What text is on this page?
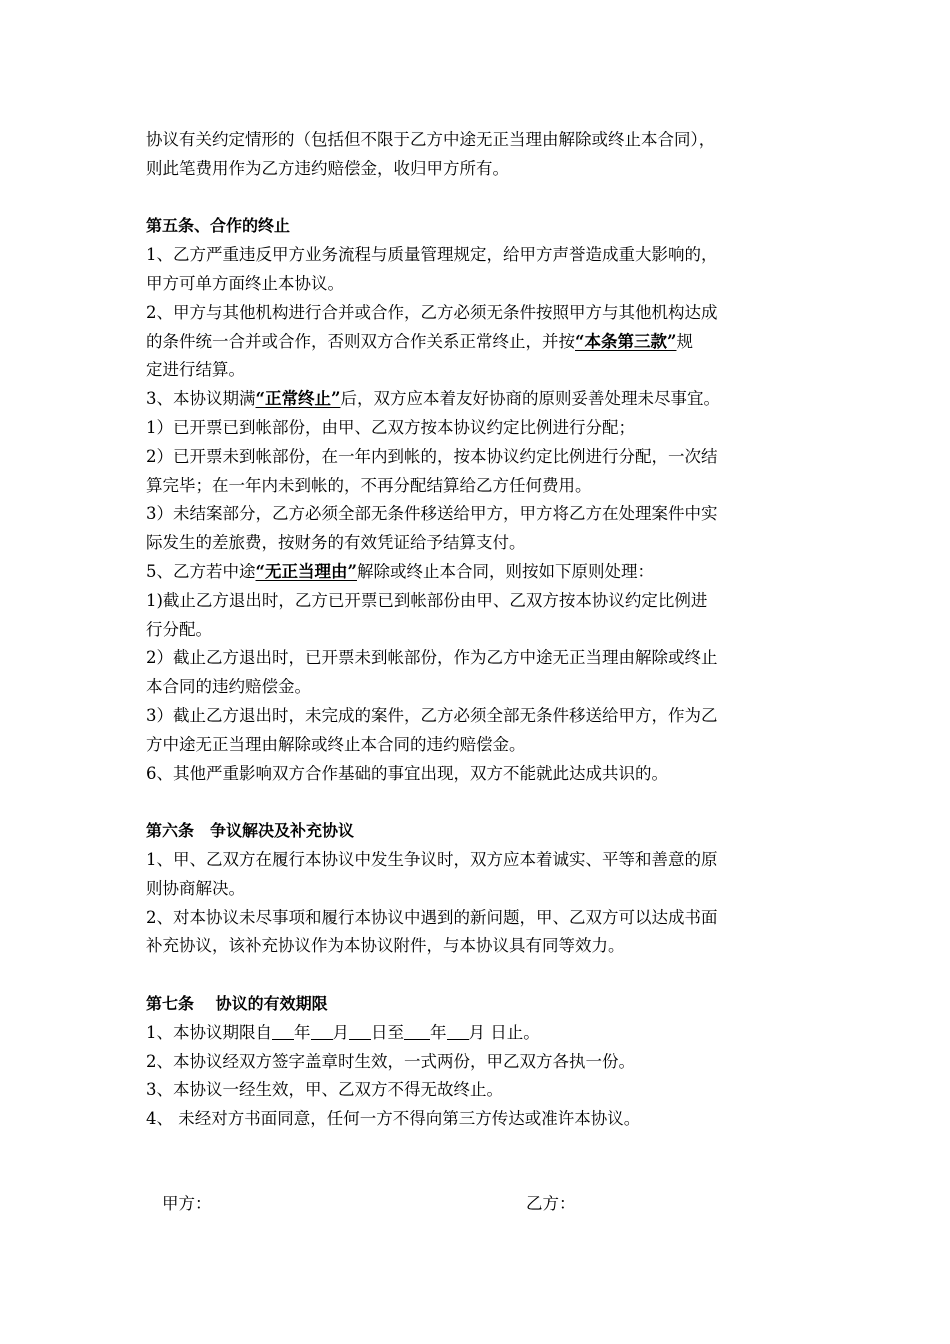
协议有关约定情形的（包括但不限于乙方中途无正当理由解除或终止本合同），
则此笔费用作为乙方违约赔偿金，收归甲方所有。
第五条、合作的终止
1、乙方严重违反甲方业务流程与质量管理规定，给甲方声誉造成重大影响的，
甲方可单方面终止本协议。
2、甲方与其他机构进行合并或合作，乙方必须无条件按照甲方与其他机构达成
的条件统一合并或合作，否则双方合作关系正常终止，并按“本条第三款”规
定进行结算。
3、本协议期满“正常终止”后，双方应本着友好协商的原则妥善处理未尽事宜。
1）已开票已到帐部份，由甲、乙双方按本协议约定比例进行分配；
2）已开票未到帐部份，在一年内到帐的，按本协议约定比例进行分配，一次结
算完毕；在一年内未到帐的，不再分配结算给乙方任何费用。
3）未结案部分，乙方必须全部无条件移送给甲方，甲方将乙方在处理案件中实
际发生的差旅费，按财务的有效凭证给予结算支付。
5、乙方若中途“无正当理由”解除或终止本合同，则按如下原则处理：
1)截止乙方退出时，乙方已开票已到帐部份由甲、乙双方按本协议约定比例进
行分配。
2）截止乙方退出时，已开票未到帐部份，作为乙方中途无正当理由解除或终止
本合同的违约赔偿金。
3）截止乙方退出时，未完成的案件，乙方必须全部无条件移送给甲方，作为乙
方中途无正当理由解除或终止本合同的违约赔偿金。
6、其他严重影响双方合作基础的事宜出现，双方不能就此达成共识的。
第六条　争议解决及补充协议
1、甲、乙双方在履行本协议中发生争议时，双方应本着诚实、平等和善意的原
则协商解决。
2、对本协议未尽事项和履行本协议中遇到的新问题，甲、乙双方可以达成书面
补充协议，该补充协议作为本协议附件，与本协议具有同等效力。
第七条　 协议的有效期限
1、本协议期限自 年 月 日至 年 月 日止。
2、本协议经双方签字盖章时生效，一式两份，甲乙双方各执一份。
3、本协议一经生效，甲、乙双方不得无故终止。
4、 未经对方书面同意，任何一方不得向第三方传达或准许本协议。
甲方：	乙方：
